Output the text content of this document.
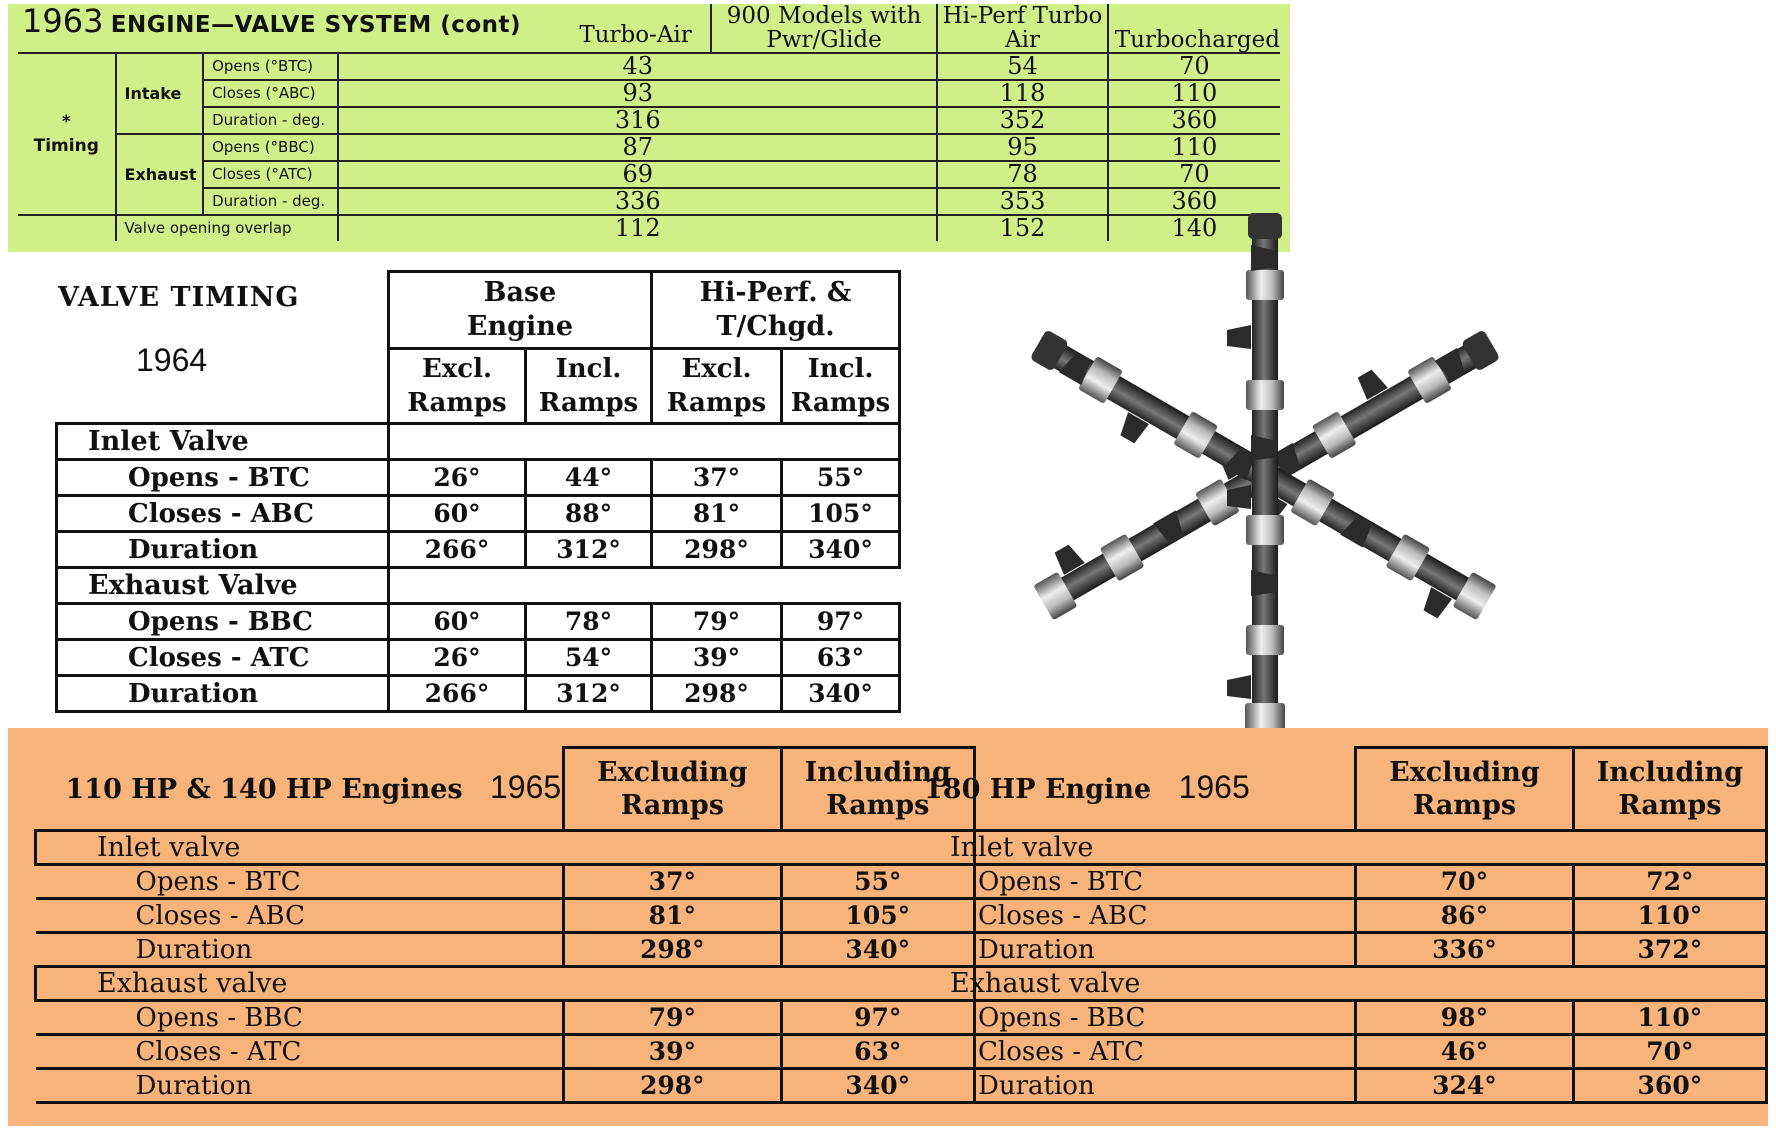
1963 ENGINE—VALVE SYSTEM (cont) Turbo-Air				900 Models with Pwr/Glide	Hi-Perf Turbo Air	Turbocharged
*
Timing	Intake	Opens (°BTC)	43		54	70
		Closes (°ABC)	93		118	110
		Duration - deg.	316		352	360
	Exhaust	Opens (°BBC)	87		95	110
		Closes (°ATC)	69		78	70
		Duration - deg.	336		353	360
	Valve opening overlap		112		152	140
	Base Engine		Hi-Perf. & T/Chgd.	
	Excl. Ramps	Incl. Ramps	Excl. Ramps	Incl. Ramps
Inlet Valve				
Opens - BTC	26°	44°	37°	55°
Closes - ABC	60°	88°	81°	105°
Duration	266°	312°	298°	340°
Exhaust Valve				
Opens - BBC	60°	78°	79°	97°
Closes - ATC	26°	54°	39°	63°
Duration	266°	312°	298°	340°
VALVE TIMING
1964
110 HP & 140 HP Engines 1965	Excluding Ramps	Including Ramps
Inlet valve		
Opens - BTC	37°	55°
Closes - ABC	81°	105°
Duration	298°	340°
Exhaust valve		
Opens - BBC	79°	97°
Closes - ATC	39°	63°
Duration	298°	340°
180 HP Engine 1965	Excluding Ramps	Including Ramps
Inlet valve		
Opens - BTC	70°	72°
Closes - ABC	86°	110°
Duration	336°	372°
Exhaust valve		
Opens - BBC	98°	110°
Closes - ATC	46°	70°
Duration	324°	360°
